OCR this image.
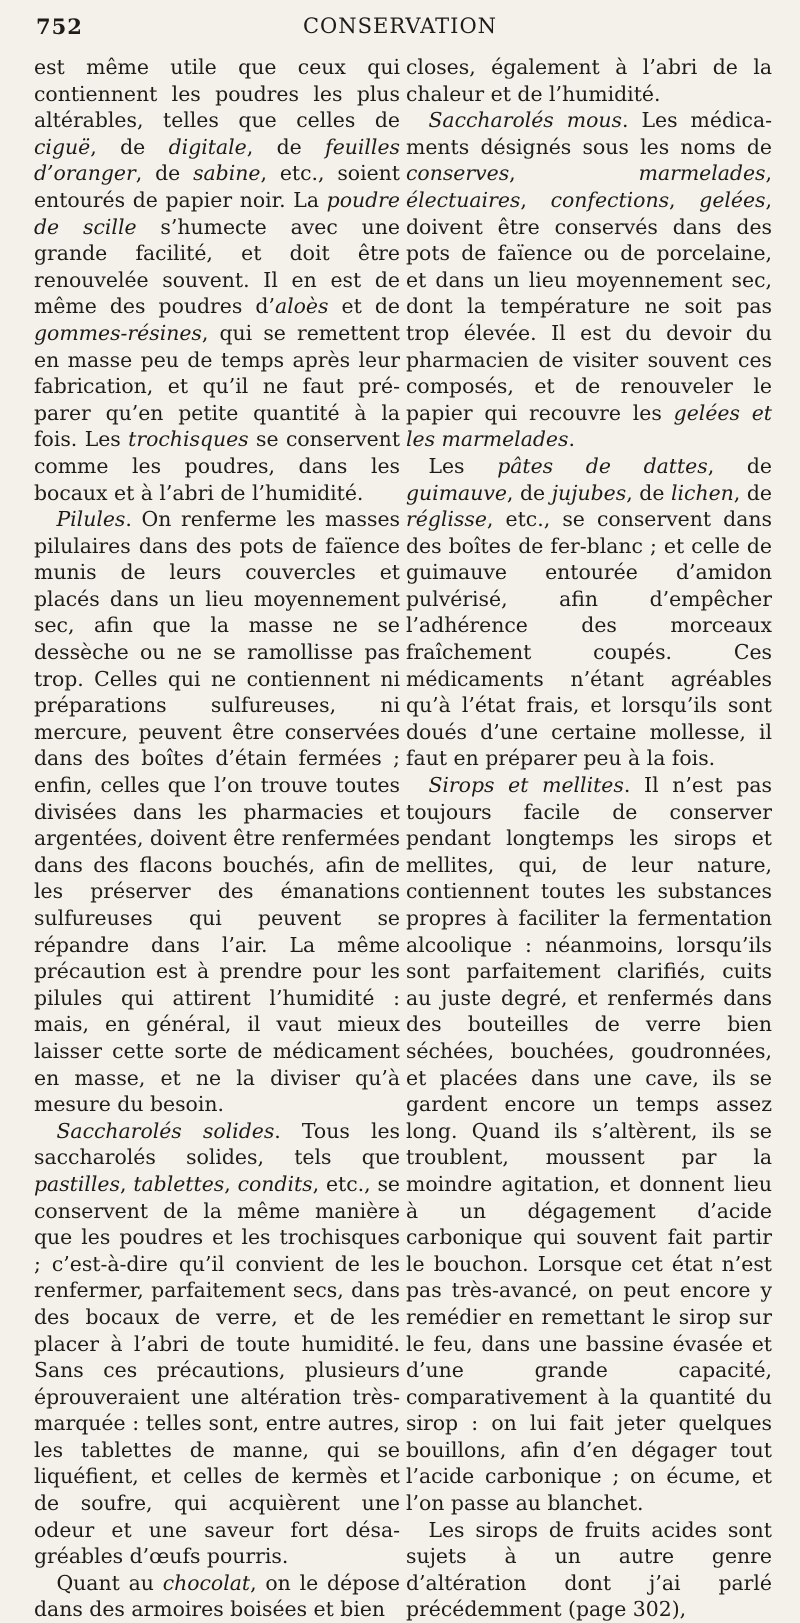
752	CONSERVATION

est même utile que ceux qui contiennent les poudres les plus altérables, telles que celles de ciguë, de digitale, de feuilles d’oranger, de sabine, etc., soient entourés de papier noir. La poudre de scille s’humecte avec une grande facilité, et doit être renouvelée souvent. Il en est de même des poudres d’aloès et de gommes-résines, qui se remettent en masse peu de temps après leur fabrication, et qu’il ne faut préparer qu’en petite quantité à la fois. Les trochisques se conservent comme les poudres, dans les bocaux et à l’abri de l’humidité.

Pilules. On renferme les masses pilulaires dans des pots de faïence munis de leurs couvercles et placés dans un lieu moyennement sec, afin que la masse ne se dessèche ou ne se ramollisse pas trop. Celles qui ne contiennent ni préparations sulfureuses, ni mercure, peuvent être conservées dans des boîtes d’étain fermées ; enfin, celles que l’on trouve toutes divisées dans les pharmacies et argentées, doivent être renfermées dans des flacons bouchés, afin de les préserver des émanations sulfureuses qui peuvent se répandre dans l’air. La même précaution est à prendre pour les pilules qui attirent l’humidité : mais, en général, il vaut mieux laisser cette sorte de médicament en masse, et ne la diviser qu’à mesure du besoin.

Saccharolés solides. Tous les saccharolés solides, tels que pastilles, tablettes, condits, etc., se conservent de la même manière que les poudres et les trochisques ; c’est-à-dire qu’il convient de les renfermer, parfaitement secs, dans des bocaux de verre, et de les placer à l’abri de toute humidité. Sans ces précautions, plusieurs éprouveraient une altération très-marquée : telles sont, entre autres, les tablettes de manne, qui se liquéfient, et celles de kermès et de soufre, qui acquièrent une odeur et une saveur fort désagréables d’œufs pourris.

Quant au chocolat, on le dépose dans des armoires boisées et bien

closes, également à l’abri de la chaleur et de l’humidité.

Saccharolés mous. Les médicaments désignés sous les noms de conserves, marmelades, électuaires, confections, gelées, doivent être conservés dans des pots de faïence ou de porcelaine, et dans un lieu moyennement sec, dont la température ne soit pas trop élevée. Il est du devoir du pharmacien de visiter souvent ces composés, et de renouveler le papier qui recouvre les gelées et les marmelades.

Les pâtes de dattes, de guimauve, de jujubes, de lichen, de réglisse, etc., se conservent dans des boîtes de fer-blanc ; et celle de guimauve entourée d’amidon pulvérisé, afin d’empêcher l’adhérence des morceaux fraîchement coupés. Ces médicaments n’étant agréables qu’à l’état frais, et lorsqu’ils sont doués d’une certaine mollesse, il faut en préparer peu à la fois.

Sirops et mellites. Il n’est pas toujours facile de conserver pendant longtemps les sirops et mellites, qui, de leur nature, contiennent toutes les substances propres à faciliter la fermentation alcoolique : néanmoins, lorsqu’ils sont parfaitement clarifiés, cuits au juste degré, et renfermés dans des bouteilles de verre bien séchées, bouchées, goudronnées, et placées dans une cave, ils se gardent encore un temps assez long. Quand ils s’altèrent, ils se troublent, moussent par la moindre agitation, et donnent lieu à un dégagement d’acide carbonique qui souvent fait partir le bouchon. Lorsque cet état n’est pas très-avancé, on peut encore y remédier en remettant le sirop sur le feu, dans une bassine évasée et d’une grande capacité, comparativement à la quantité du sirop : on lui fait jeter quelques bouillons, afin d’en dégager tout l’acide carbonique ; on écume, et l’on passe au blanchet.

Les sirops de fruits acides sont sujets à un autre genre d’altération dont j’ai parlé précédemment (page 302),
